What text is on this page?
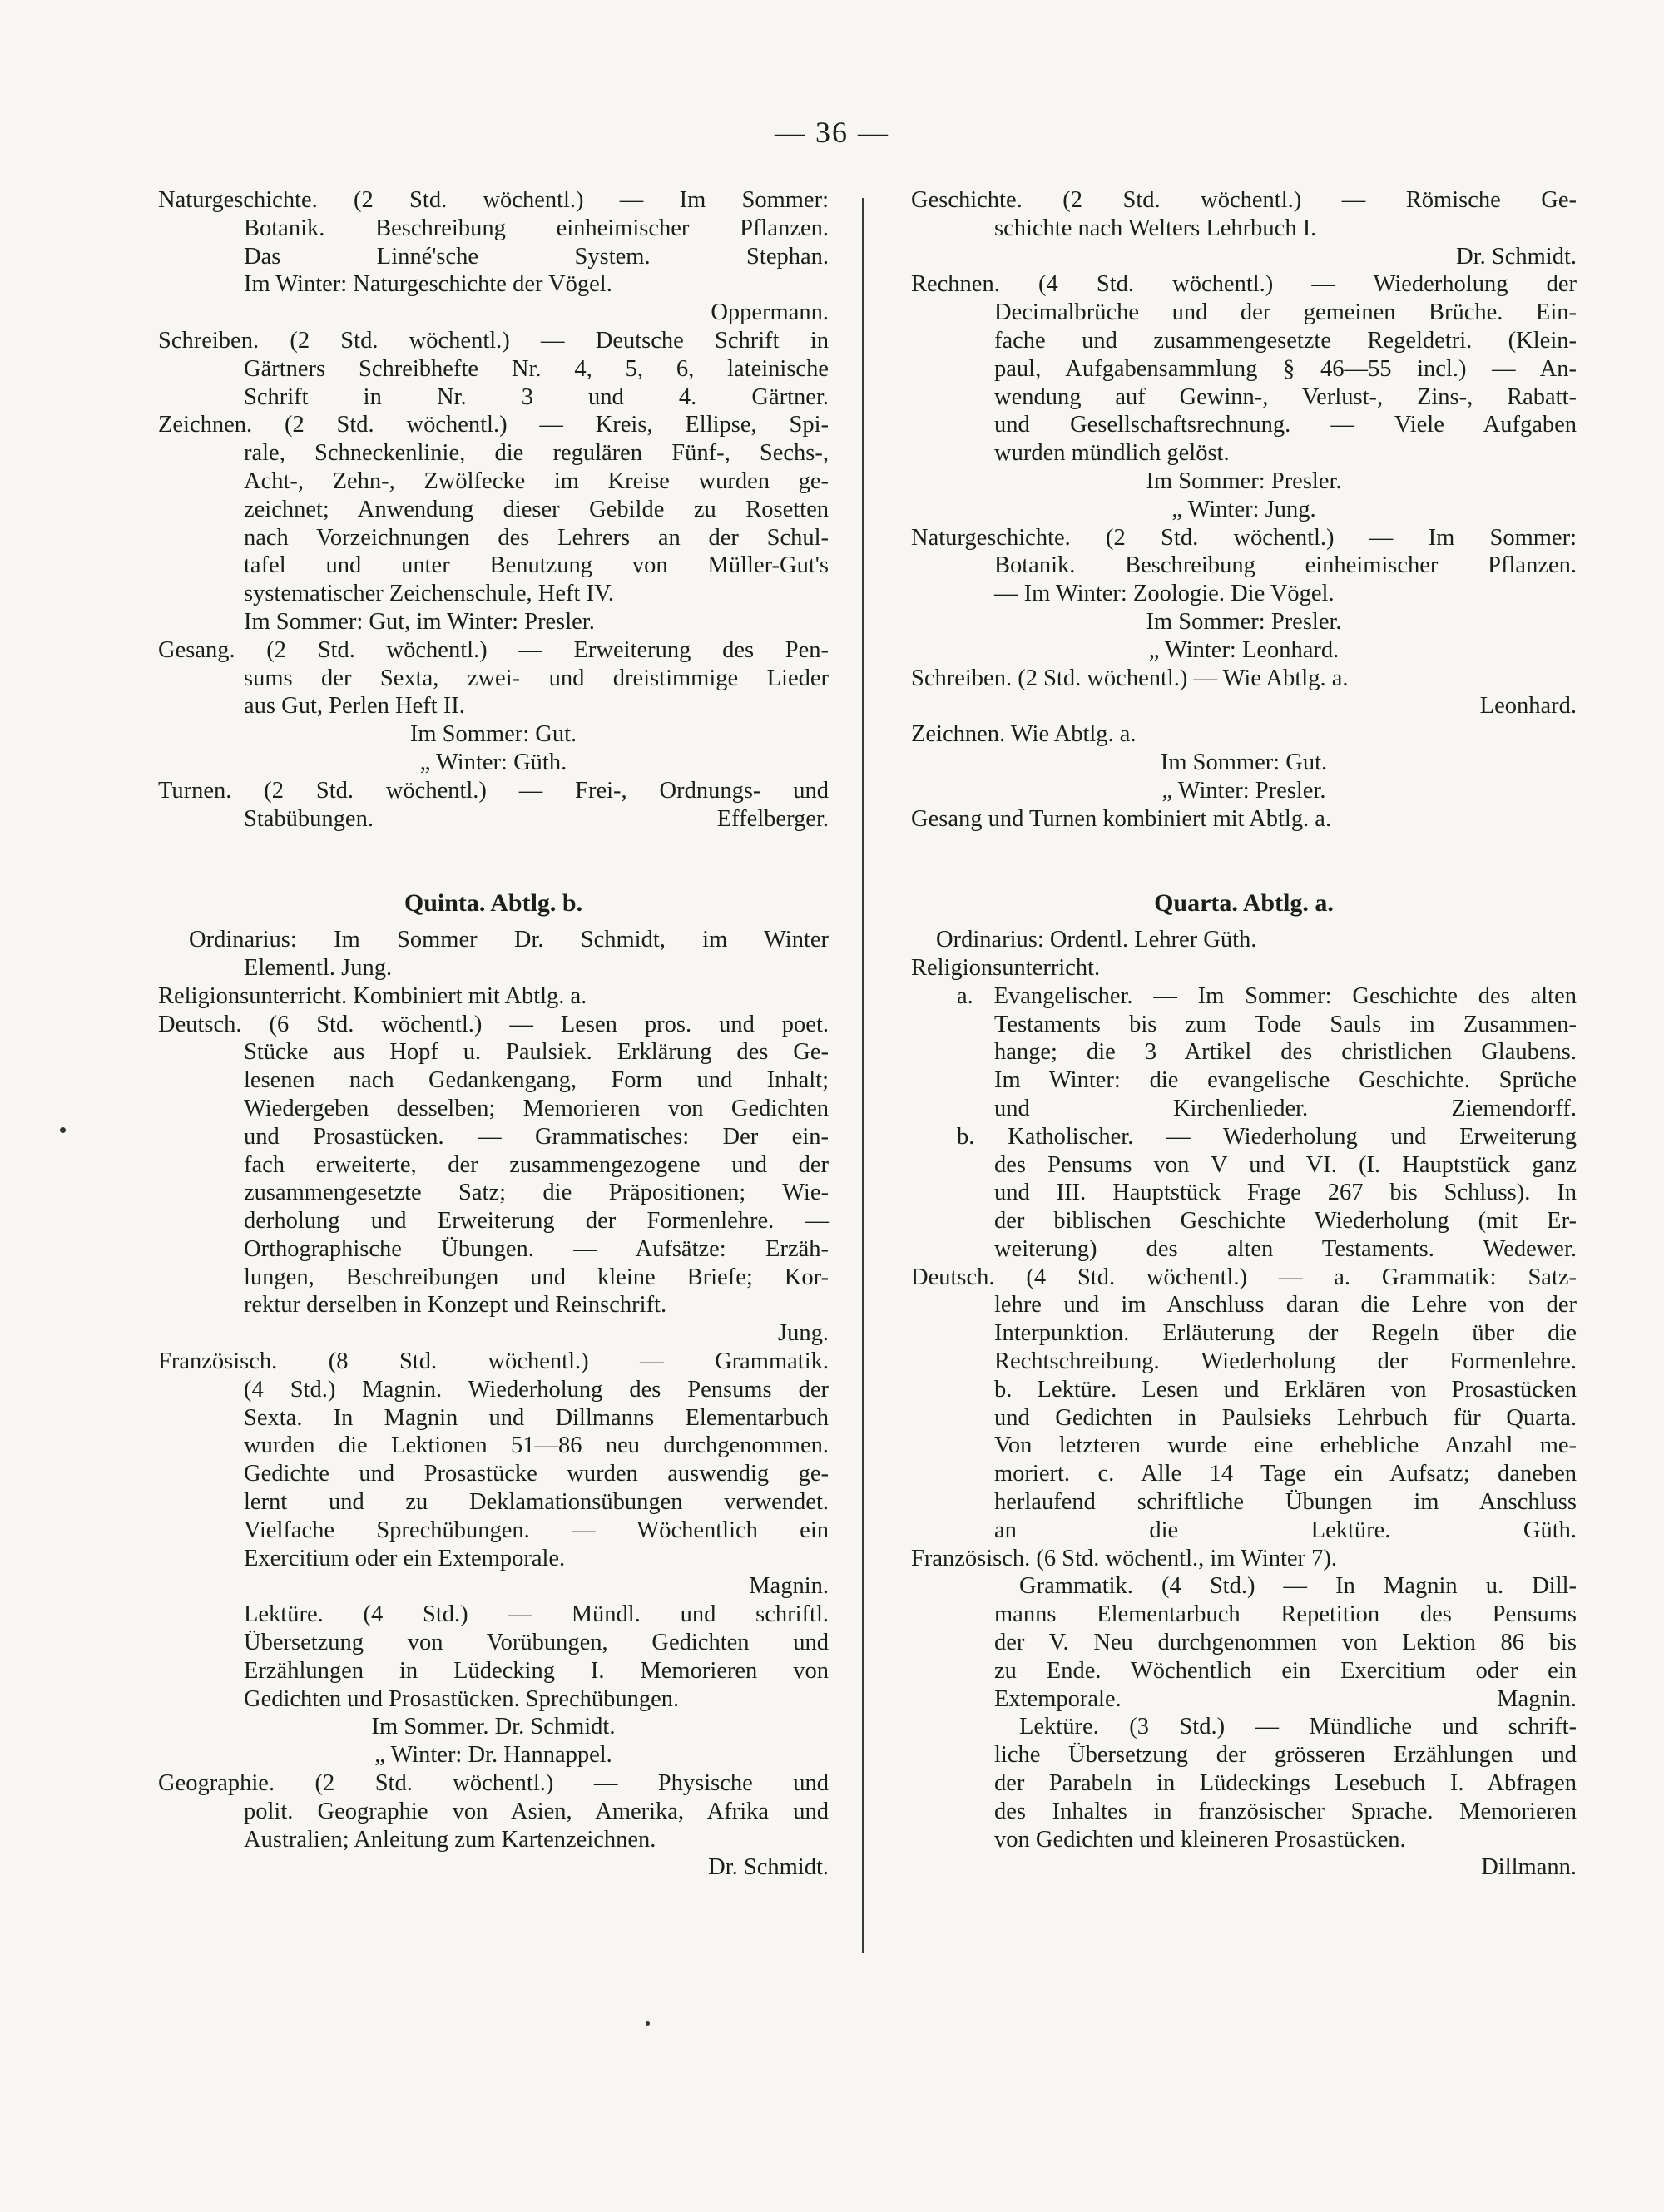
— 36 —
Naturgeschichte. (2 Std. wöchentl.) — Im Sommer:
Botanik. Beschreibung einheimischer Pflanzen.
Das Linné'sche System. Stephan.
Im Winter: Naturgeschichte der Vögel.
Oppermann.
Schreiben. (2 Std. wöchentl.) — Deutsche Schrift in
Gärtners Schreibhefte Nr. 4, 5, 6, lateinische
Schrift in Nr. 3 und 4. Gärtner.
Zeichnen. (2 Std. wöchentl.) — Kreis, Ellipse, Spi-
rale, Schneckenlinie, die regulären Fünf-, Sechs-,
Acht-, Zehn-, Zwölfecke im Kreise wurden ge-
zeichnet; Anwendung dieser Gebilde zu Rosetten
nach Vorzeichnungen des Lehrers an der Schul-
tafel und unter Benutzung von Müller-Gut's
systematischer Zeichenschule, Heft IV.
Im Sommer: Gut, im Winter: Presler.
Gesang. (2 Std. wöchentl.) — Erweiterung des Pen-
sums der Sexta, zwei- und dreistimmige Lieder
aus Gut, Perlen Heft II.
Im Sommer: Gut.
„ Winter: Güth.
Turnen. (2 Std. wöchentl.) — Frei-, Ordnungs- und
Stabübungen. Effelberger.
Quinta. Abtlg. b.
Ordinarius: Im Sommer Dr. Schmidt, im Winter
Elementl. Jung.
Religionsunterricht. Kombiniert mit Abtlg. a.
Deutsch. (6 Std. wöchentl.) — Lesen pros. und poet.
Stücke aus Hopf u. Paulsiek. Erklärung des Ge-
lesenen nach Gedankengang, Form und Inhalt;
Wiedergeben desselben; Memorieren von Gedichten
und Prosastücken. — Grammatisches: Der ein-
fach erweiterte, der zusammengezogene und der
zusammengesetzte Satz; die Präpositionen; Wie-
derholung und Erweiterung der Formenlehre. —
Orthographische Übungen. — Aufsätze: Erzäh-
lungen, Beschreibungen und kleine Briefe; Kor-
rektur derselben in Konzept und Reinschrift.
Jung.
Französisch. (8 Std. wöchentl.) — Grammatik.
(4 Std.) Magnin. Wiederholung des Pensums der
Sexta. In Magnin und Dillmanns Elementarbuch
wurden die Lektionen 51—86 neu durchgenommen.
Gedichte und Prosastücke wurden auswendig ge-
lernt und zu Deklamationsübungen verwendet.
Vielfache Sprechübungen. — Wöchentlich ein
Exercitium oder ein Extemporale.
Magnin.
Lektüre. (4 Std.) — Mündl. und schriftl.
Übersetzung von Vorübungen, Gedichten und
Erzählungen in Lüdecking I. Memorieren von
Gedichten und Prosastücken. Sprechübungen.
Im Sommer. Dr. Schmidt.
„ Winter: Dr. Hannappel.
Geographie. (2 Std. wöchentl.) — Physische und
polit. Geographie von Asien, Amerika, Afrika und
Australien; Anleitung zum Kartenzeichnen.
Dr. Schmidt.
Geschichte. (2 Std. wöchentl.) — Römische Ge-
schichte nach Welters Lehrbuch I.
Dr. Schmidt.
Rechnen. (4 Std. wöchentl.) — Wiederholung der
Decimalbrüche und der gemeinen Brüche. Ein-
fache und zusammengesetzte Regeldetri. (Klein-
paul, Aufgabensammlung § 46—55 incl.) — An-
wendung auf Gewinn-, Verlust-, Zins-, Rabatt-
und Gesellschaftsrechnung. — Viele Aufgaben
wurden mündlich gelöst.
Im Sommer: Presler.
„ Winter: Jung.
Naturgeschichte. (2 Std. wöchentl.) — Im Sommer:
Botanik. Beschreibung einheimischer Pflanzen.
— Im Winter: Zoologie. Die Vögel.
Im Sommer: Presler.
„ Winter: Leonhard.
Schreiben. (2 Std. wöchentl.) — Wie Abtlg. a.
Leonhard.
Zeichnen. Wie Abtlg. a.
Im Sommer: Gut.
„ Winter: Presler.
Gesang und Turnen kombiniert mit Abtlg. a.
Quarta. Abtlg. a.
Ordinarius: Ordentl. Lehrer Güth.
Religionsunterricht.
a. Evangelischer. — Im Sommer: Geschichte des alten
Testaments bis zum Tode Sauls im Zusammen-
hange; die 3 Artikel des christlichen Glaubens.
Im Winter: die evangelische Geschichte. Sprüche
und Kirchenlieder. Ziemendorff.
b. Katholischer. — Wiederholung und Erweiterung
des Pensums von V und VI. (I. Hauptstück ganz
und III. Hauptstück Frage 267 bis Schluss). In
der biblischen Geschichte Wiederholung (mit Er-
weiterung) des alten Testaments. Wedewer.
Deutsch. (4 Std. wöchentl.) — a. Grammatik: Satz-
lehre und im Anschluss daran die Lehre von der
Interpunktion. Erläuterung der Regeln über die
Rechtschreibung. Wiederholung der Formenlehre.
b. Lektüre. Lesen und Erklären von Prosastücken
und Gedichten in Paulsieks Lehrbuch für Quarta.
Von letzteren wurde eine erhebliche Anzahl me-
moriert. c. Alle 14 Tage ein Aufsatz; daneben
herlaufend schriftliche Übungen im Anschluss
an die Lektüre. Güth.
Französisch. (6 Std. wöchentl., im Winter 7).
Grammatik. (4 Std.) — In Magnin u. Dill-
manns Elementarbuch Repetition des Pensums
der V. Neu durchgenommen von Lektion 86 bis
zu Ende. Wöchentlich ein Exercitium oder ein
Extemporale. Magnin.
Lektüre. (3 Std.) — Mündliche und schrift-
liche Übersetzung der grösseren Erzählungen und
der Parabeln in Lüdeckings Lesebuch I. Abfragen
des Inhaltes in französischer Sprache. Memorieren
von Gedichten und kleineren Prosastücken.
Dillmann.
